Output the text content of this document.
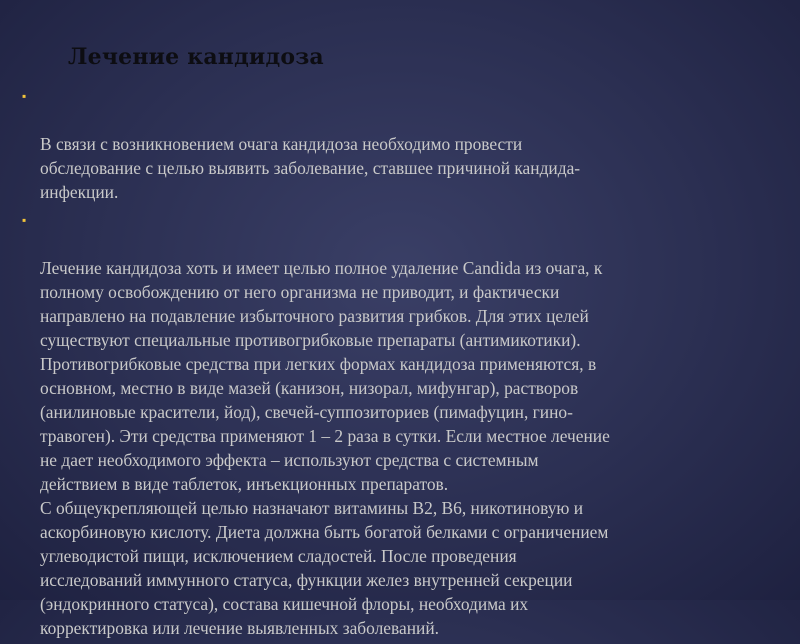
Лечение кандидоза

▪

В связи с возникновением очага кандидоза необходимо провести
обследование с целью выявить заболевание, ставшее причиной кандида-
инфекции.

▪

Лечение кандидоза хоть и имеет целью полное удаление Candida из очага, к
полному освобождению от него организма не приводит, и фактически
направлено на подавление избыточного развития грибков. Для этих целей
существуют специальные противогрибковые препараты (антимикотики).
Противогрибковые средства при легких формах кандидоза применяются, в
основном, местно в виде мазей (канизон, низорал, мифунгар), растворов
(анилиновые красители, йод), свечей-суппозиториев (пимафуцин, гино-
травоген). Эти средства применяют 1 – 2 раза в сутки. Если местное лечение
не дает необходимого эффекта – используют средства с системным
действием в виде таблеток, инъекционных препаратов.
С общеукрепляющей целью назначают витамины В2, В6, никотиновую и
аскорбиновую кислоту. Диета должна быть богатой белками с ограничением
углеводистой пищи, исключением сладостей. После проведения
исследований иммунного статуса, функции желез внутренней секреции
(эндокринного статуса), состава кишечной флоры, необходима их
корректировка или лечение выявленных заболеваний.
